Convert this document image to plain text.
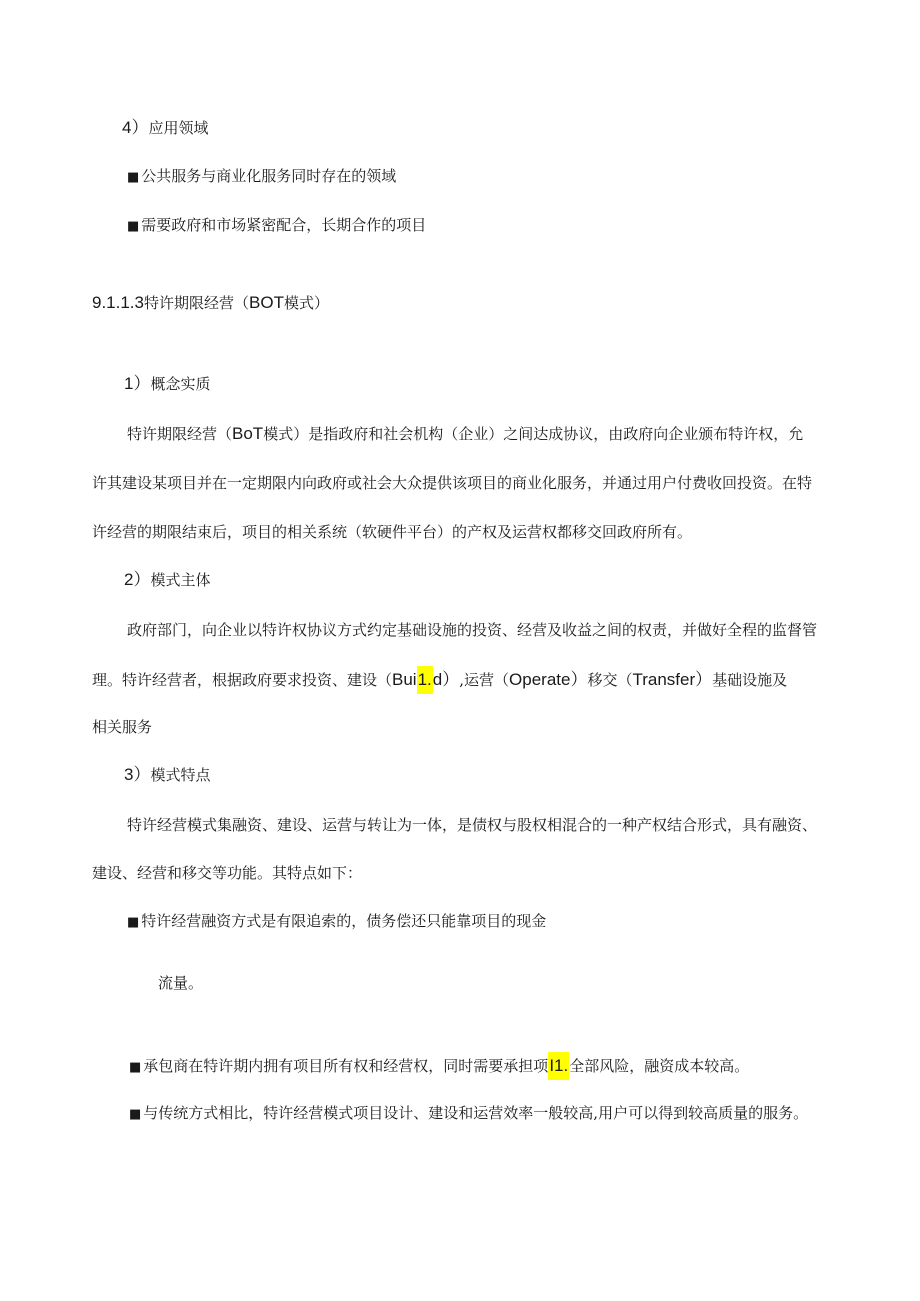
4）应用领域
■ 公共服务与商业化服务同时存在的领域
■ 需要政府和市场紧密配合，长期合作的项目
9.1.1.3特许期限经营（BOT模式）
1）概念实质
特许期限经营（BoT模式）是指政府和社会机构（企业）之间达成协议，由政府向企业颁布特许权，允
许其建设某项目并在一定期限内向政府或社会大众提供该项目的商业化服务，并通过用户付费收回投资。在特
许经营的期限结束后，项目的相关系统（软硬件平台）的产权及运营权都移交回政府所有。
2）模式主体
政府部门，向企业以特许权协议方式约定基础设施的投资、经营及收益之间的权责，并做好全程的监督管
理。特许经营者，根据政府要求投资、建设（Bui1.d）,运营（Operate）移交（Transfer）基础设施及
相关服务
3）模式特点
特许经营模式集融资、建设、运营与转让为一体，是债权与股权相混合的一种产权结合形式，具有融资、
建设、经营和移交等功能。其特点如下：
■ 特许经营融资方式是有限追索的，债务偿还只能靠项目的现金
流量。
■ 承包商在特许期内拥有项目所有权和经营权，同时需要承担项I1.全部风险，融资成本较高。
■ 与传统方式相比，特许经营模式项目设计、建设和运营效率一般较高,用户可以得到较高质量的服务。
